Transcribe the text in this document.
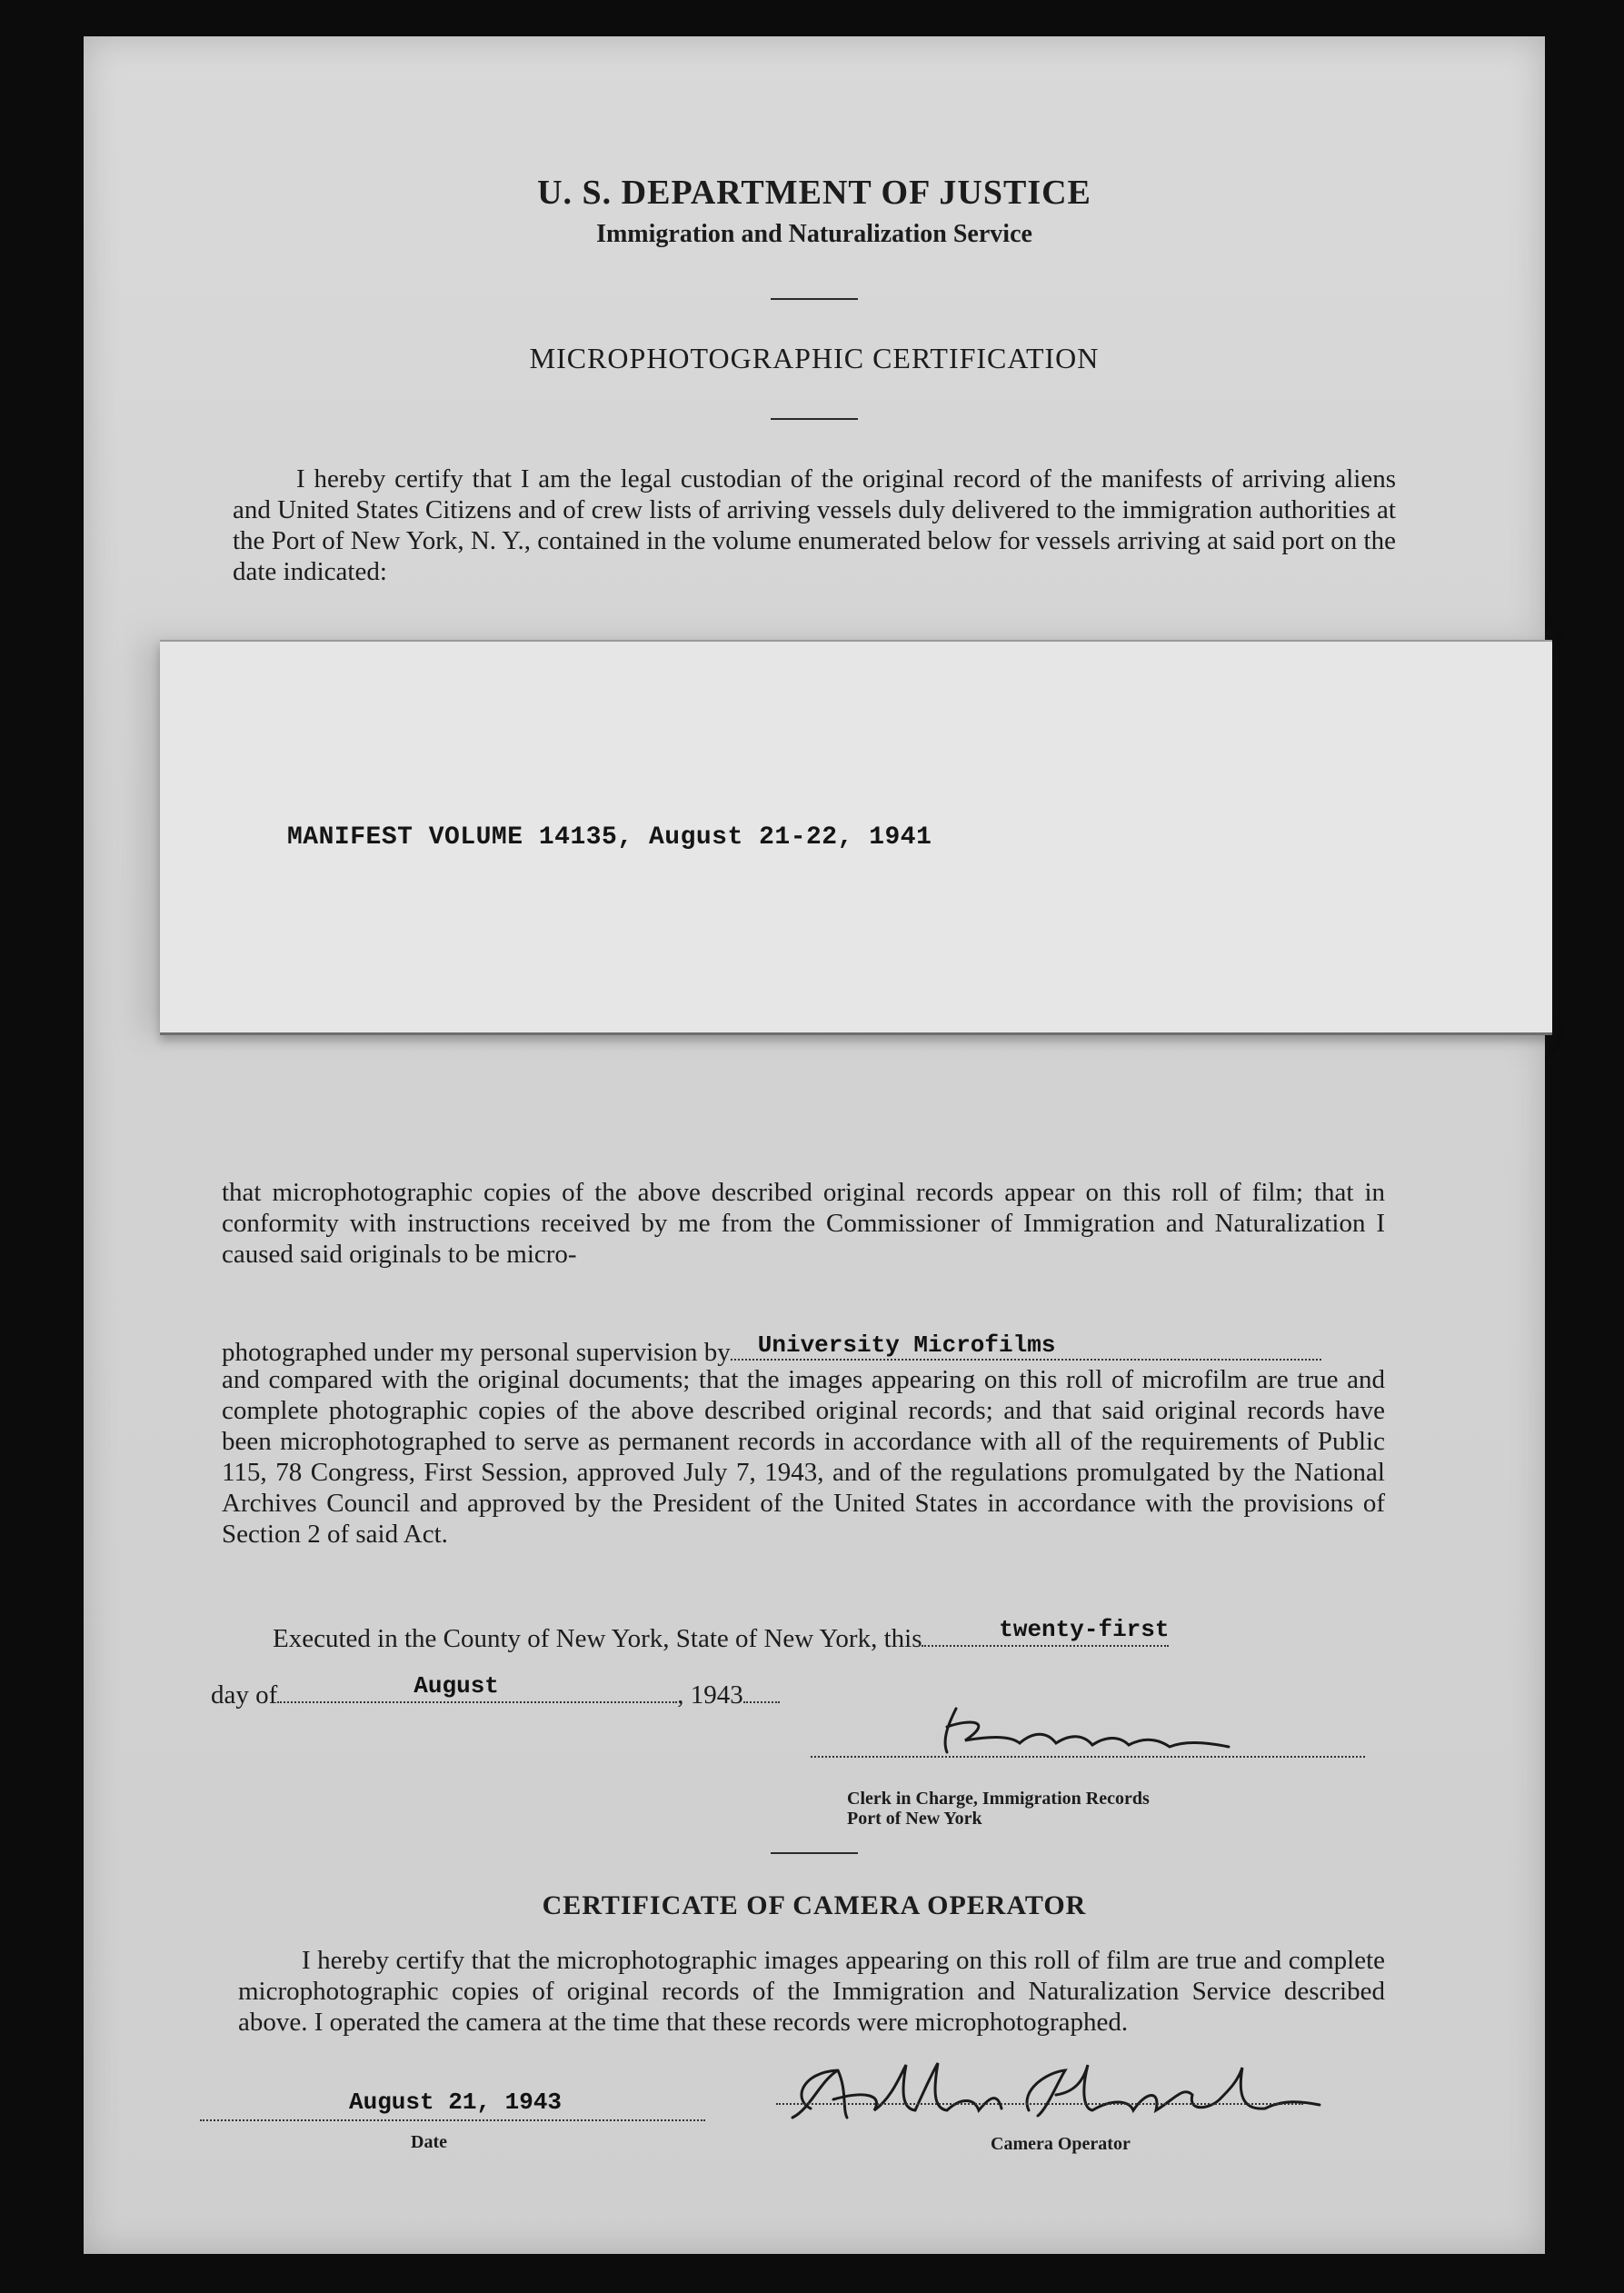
U. S. DEPARTMENT OF JUSTICE
Immigration and Naturalization Service
MICROPHOTOGRAPHIC CERTIFICATION
I hereby certify that I am the legal custodian of the original record of the manifests of arriving aliens and United States Citizens and of crew lists of arriving vessels duly delivered to the immigration authorities at the Port of New York, N. Y., contained in the volume enumerated below for vessels arriving at said port on the date indicated:
MANIFEST VOLUME 14135, August 21-22, 1941
that microphotographic copies of the above described original records appear on this roll of film; that in conformity with instructions received by me from the Commissioner of Immigration and Naturalization I caused said originals to be micro-
photographed under my personal supervision by University Microfilms
and compared with the original documents; that the images appearing on this roll of microfilm are true and complete photographic copies of the above described original records; and that said original records have been microphotographed to serve as permanent records in accordance with all of the requirements of Public 115, 78 Congress, First Session, approved July 7, 1943, and of the regulations promulgated by the National Archives Council and approved by the President of the United States in accordance with the provisions of Section 2 of said Act.
Executed in the County of New York, State of New York, this	twenty-first
day of	August	, 1943
Clerk in Charge, Immigration Records
Port of New York
CERTIFICATE OF CAMERA OPERATOR
I hereby certify that the microphotographic images appearing on this roll of film are true and complete microphotographic copies of original records of the Immigration and Naturalization Service described above. I operated the camera at the time that these records were microphotographed.
August 21, 1943
Date	Camera Operator
